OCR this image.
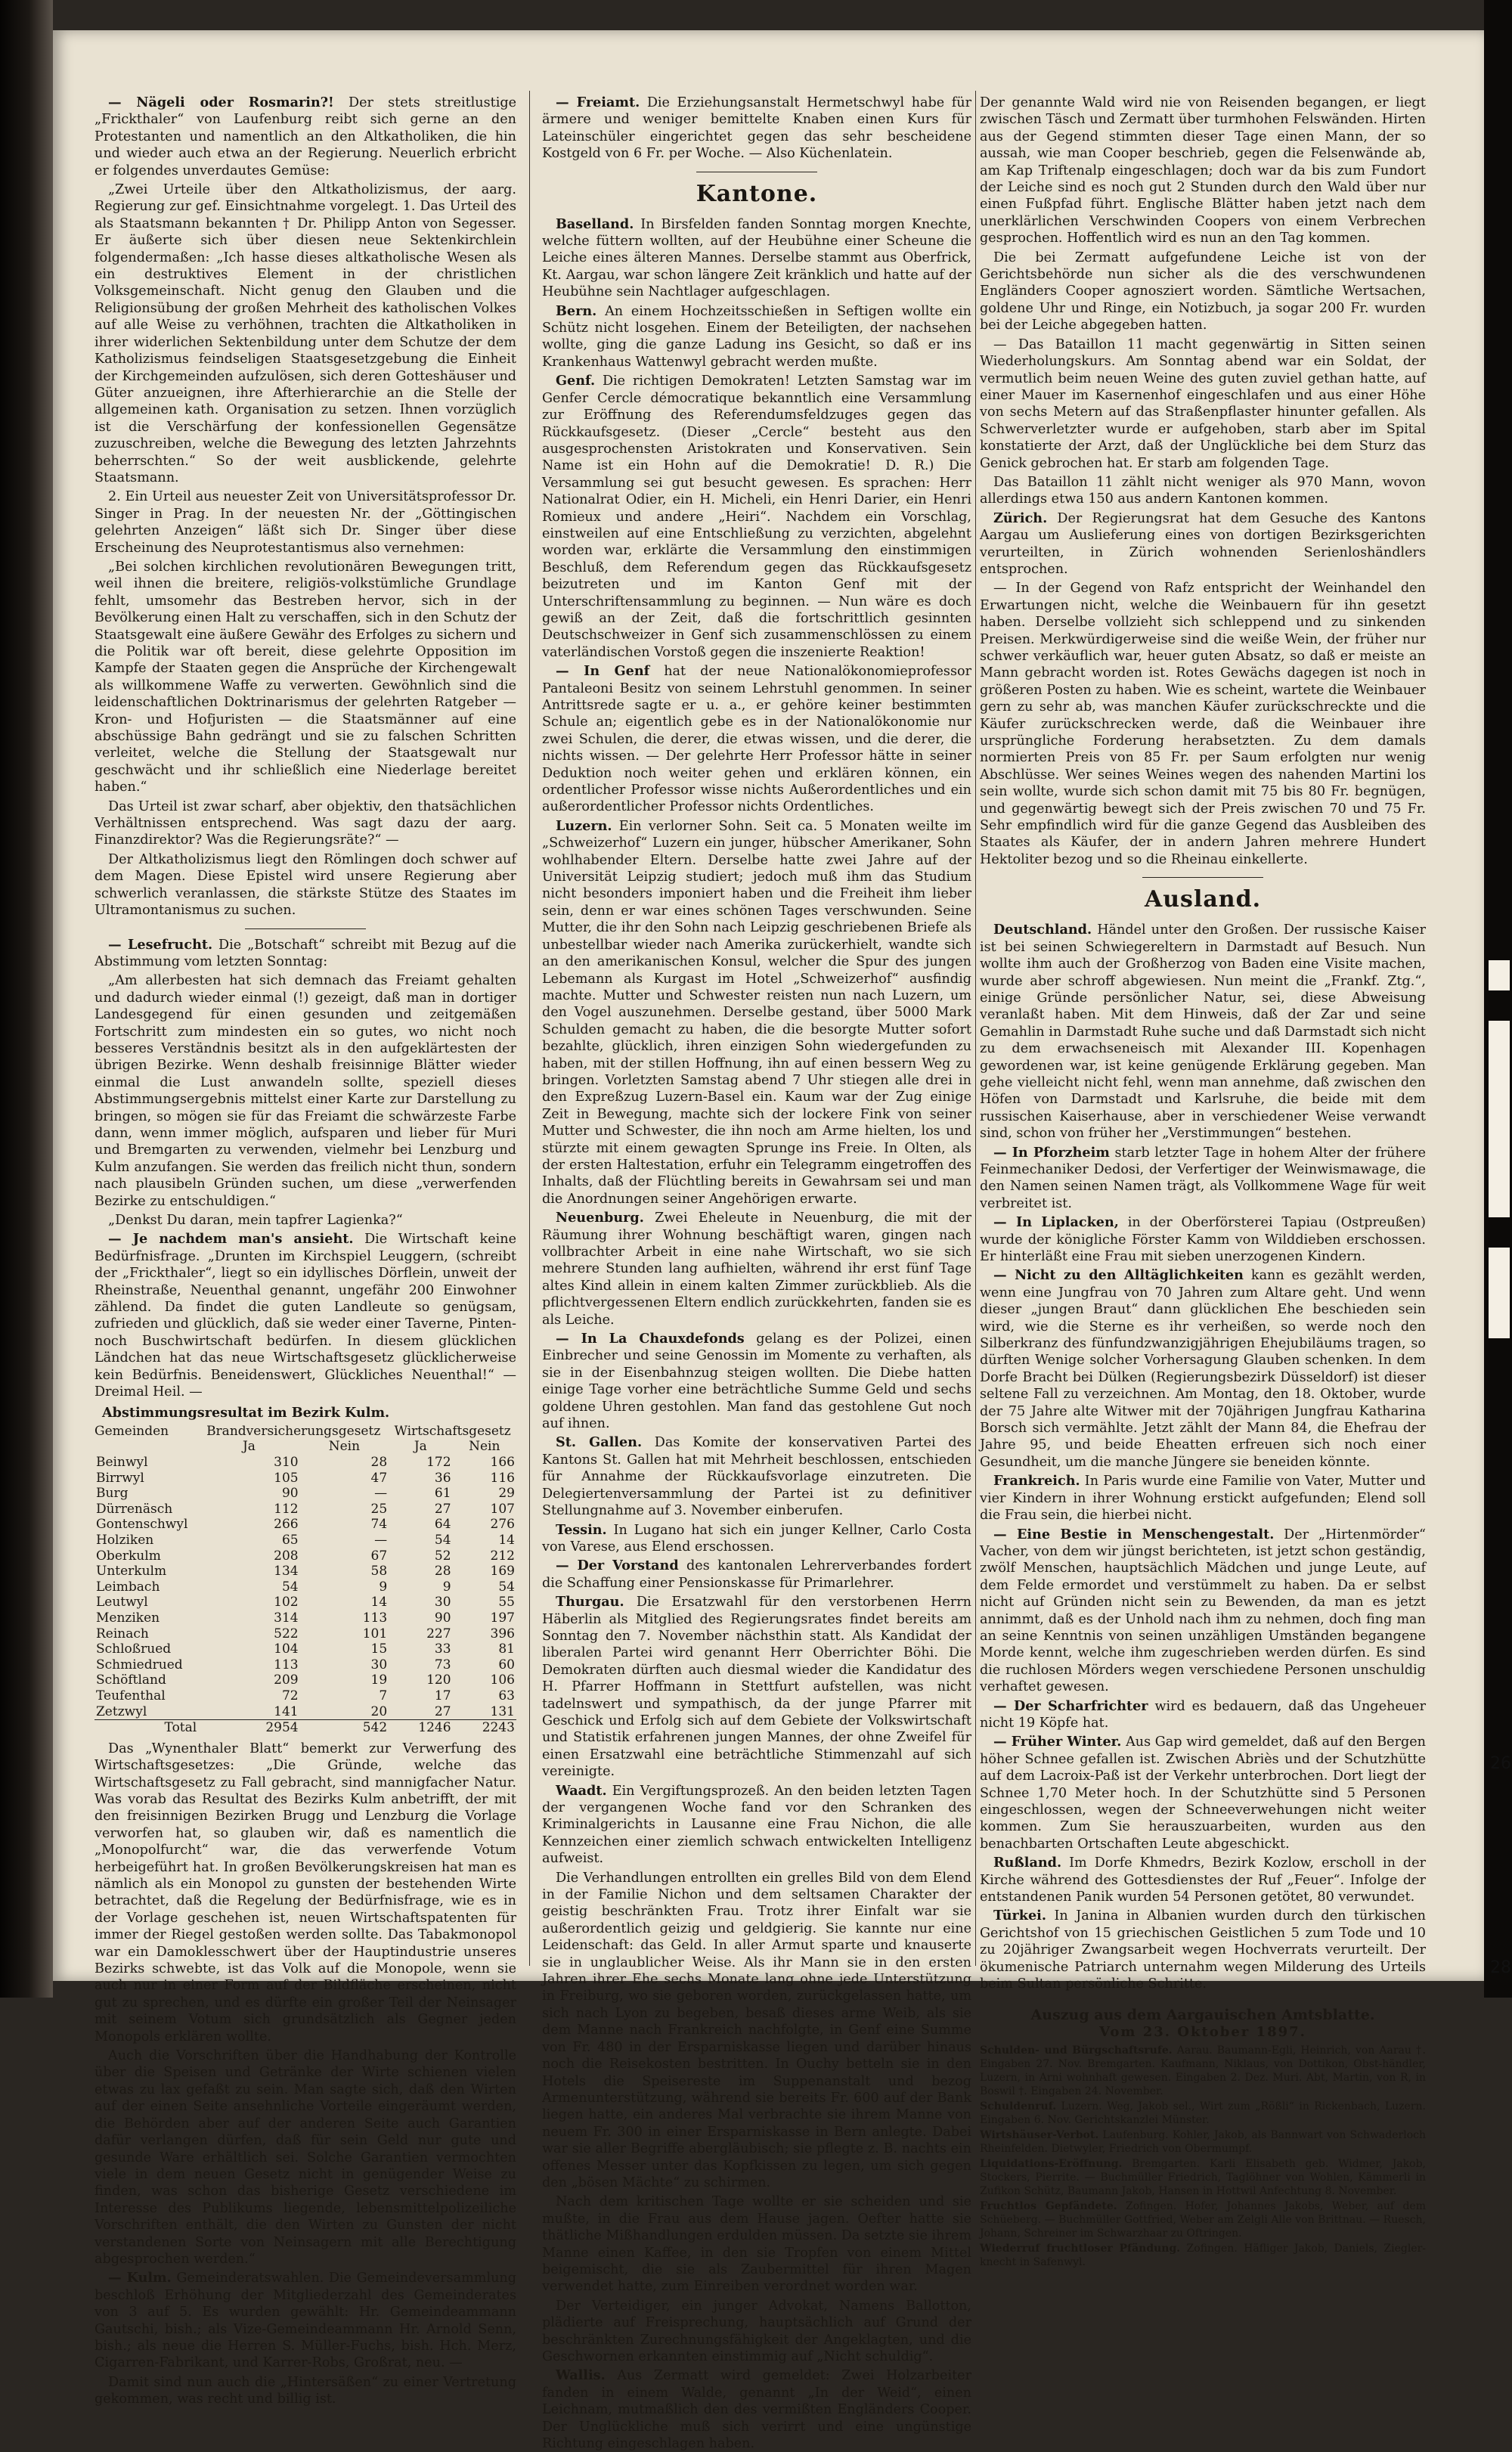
26
28

— Nägeli oder Rosmarin?! Der stets streitlustige „Frickthaler“ von Laufenburg reibt sich gerne an den Protestanten und namentlich an den Altkatholiken, die hin und wieder auch etwa an der Regierung. Neuerlich erbricht er folgendes unverdautes Gemüse:

„Zwei Urteile über den Altkatholizismus, der aarg. Regierung zur gef. Einsichtnahme vorgelegt. 1. Das Urteil des als Staatsmann bekannten † Dr. Philipp Anton von Segesser. Er äußerte sich über diesen neue Sektenkirchlein folgendermaßen: „Ich hasse dieses altkatholische Wesen als ein destruktives Element in der christlichen Volksgemeinschaft. Nicht genug den Glauben und die Religionsübung der großen Mehrheit des katholischen Volkes auf alle Weise zu verhöhnen, trachten die Altkatholiken in ihrer widerlichen Sektenbildung unter dem Schutze der dem Katholizismus feindseligen Staatsgesetzgebung die Einheit der Kirchgemeinden aufzulösen, sich deren Gotteshäuser und Güter anzueignen, ihre Afterhierarchie an die Stelle der allgemeinen kath. Organisation zu setzen. Ihnen vorzüglich ist die Verschärfung der konfessionellen Gegensätze zuzuschreiben, welche die Bewegung des letzten Jahrzehnts beherrschten.“ So der weit ausblickende, gelehrte Staatsmann.

2. Ein Urteil aus neuester Zeit von Universitätsprofessor Dr. Singer in Prag. In der neuesten Nr. der „Göttingischen gelehrten Anzeigen“ läßt sich Dr. Singer über diese Erscheinung des Neuprotestantismus also vernehmen:

„Bei solchen kirchlichen revolutionären Bewegungen tritt, weil ihnen die breitere, religiös-volkstümliche Grundlage fehlt, umsomehr das Bestreben hervor, sich in der Bevölkerung einen Halt zu verschaffen, sich in den Schutz der Staatsgewalt eine äußere Gewähr des Erfolges zu sichern und die Politik war oft bereit, diese gelehrte Opposition im Kampfe der Staaten gegen die Ansprüche der Kirchengewalt als willkommene Waffe zu verwerten. Gewöhnlich sind die leidenschaftlichen Doktrinarismus der gelehrten Ratgeber — Kron- und Hofjuristen — die Staatsmänner auf eine abschüssige Bahn gedrängt und sie zu falschen Schritten verleitet, welche die Stellung der Staatsgewalt nur geschwächt und ihr schließlich eine Niederlage bereitet haben.“

Das Urteil ist zwar scharf, aber objektiv, den thatsächlichen Verhältnissen entsprechend. Was sagt dazu der aarg. Finanzdirektor? Was die Regierungsräte?“ —

Der Altkatholizismus liegt den Römlingen doch schwer auf dem Magen. Diese Epistel wird unsere Regierung aber schwerlich veranlassen, die stärkste Stütze des Staates im Ultramontanismus zu suchen.

— Lesefrucht. Die „Botschaft“ schreibt mit Bezug auf die Abstimmung vom letzten Sonntag:

„Am allerbesten hat sich demnach das Freiamt gehalten und dadurch wieder einmal (!) gezeigt, daß man in dortiger Landesgegend für einen gesunden und zeitgemäßen Fortschritt zum mindesten ein so gutes, wo nicht noch besseres Verständnis besitzt als in den aufgeklärtesten der übrigen Bezirke. Wenn deshalb freisinnige Blätter wieder einmal die Lust anwandeln sollte, speziell dieses Abstimmungsergebnis mittelst einer Karte zur Darstellung zu bringen, so mögen sie für das Freiamt die schwärzeste Farbe dann, wenn immer möglich, aufsparen und lieber für Muri und Bremgarten zu verwenden, vielmehr bei Lenzburg und Kulm anzufangen. Sie werden das freilich nicht thun, sondern nach plausibeln Gründen suchen, um diese „verwerfenden Bezirke zu entschuldigen.“

„Denkst Du daran, mein tapfrer Lagienka?“

— Je nachdem man's ansieht. Die Wirtschaft keine Bedürfnisfrage. „Drunten im Kirchspiel Leuggern, (schreibt der „Frickthaler“, liegt so ein idyllisches Dörflein, unweit der Rheinstraße, Neuenthal genannt, ungefähr 200 Einwohner zählend. Da findet die guten Landleute so genügsam, zufrieden und glücklich, daß sie weder einer Taverne, Pinten- noch Buschwirtschaft bedürfen. In diesem glücklichen Ländchen hat das neue Wirtschaftsgesetz glücklicherweise kein Bedürfnis. Beneidenswert, Glückliches Neuenthal!“ — Dreimal Heil. —

Abstimmungsresultat im Bezirk Kulm.
Gemeinden	Brandversicherungsgesetz		Wirtschaftsgesetz	
	Ja	Nein	Ja	Nein
Beinwyl	310	28	172	166
Birrwyl	105	47	36	116
Burg	90	—	61	29
Dürrenäsch	112	25	27	107
Gontenschwyl	266	74	64	276
Holziken	65	—	54	14
Oberkulm	208	67	52	212
Unterkulm	134	58	28	169
Leimbach	54	9	9	54
Leutwyl	102	14	30	55
Menziken	314	113	90	197
Reinach	522	101	227	396
Schloßrued	104	15	33	81
Schmiedrued	113	30	73	60
Schöftland	209	19	120	106
Teufenthal	72	7	17	63
Zetzwyl	141	20	27	131
Total	2954	542	1246	2243

Das „Wynenthaler Blatt“ bemerkt zur Verwerfung des Wirtschaftsgesetzes: „Die Gründe, welche das Wirtschaftsgesetz zu Fall gebracht, sind mannigfacher Natur. Was vorab das Resultat des Bezirks Kulm anbetrifft, der mit den freisinnigen Bezirken Brugg und Lenzburg die Vorlage verworfen hat, so glauben wir, daß es namentlich die „Monopolfurcht“ war, die das verwerfende Votum herbeigeführt hat. In großen Bevölkerungskreisen hat man es nämlich als ein Monopol zu gunsten der bestehenden Wirte betrachtet, daß die Regelung der Bedürfnisfrage, wie es in der Vorlage geschehen ist, neuen Wirtschaftspatenten für immer der Riegel gestoßen werden sollte. Das Tabakmonopol war ein Damoklesschwert über der Hauptindustrie unseres Bezirks schwebte, ist das Volk auf die Monopole, wenn sie auch nur in einer Form auf der Bildfläche erscheinen, nicht gut zu sprechen, und es dürfte ein großer Teil der Neinsager mit seinem Votum sich grundsätzlich als Gegner jeden Monopols erklären wollte.

Auch die Vorschriften über die Handhabung der Kontrolle über die Speisen und Getränke der Wirte schienen vielen etwas zu lax gefaßt zu sein. Man sagte sich, daß den Wirten auf der einen Seite ansehnliche Vorteile eingeräumt werden, die Behörden aber auf der anderen Seite auch Garantien dafür verlangen dürfen, daß für sein Geld nur gute und gesunde Ware erhältlich sei. Solche Garantien vermochten viele in dem neuen Gesetz nicht in genügender Weise zu finden, was schon das bisherige Gesetz verschiedene im Interesse des Publikums liegende, lebensmittelpolizeiliche Vorschriften enthält, die den Wirten zu Gunsten der nicht verstandenen Sorte von Neinsagern mit alle Berechtigung abgesprochen werden.“

— Kulm. Gemeinderatswahlen. Die Gemeindeversammlung beschloß Erhöhung der Mitgliederzahl des Gemeinderates von 3 auf 5. Es wurden gewählt: Hr. Gemeindeammann Gautschi, bish.; als Vize-Gemeindeammann Hr. Arnold Senn, bish.; als neue die Herren S. Müller-Fuchs, bish. Hch. Merz, Cigarren-Fabrikant, und Karrer-Robs, Großrat, neu. —

Damit sind nun auch die „Hintersäßen“ zu einer Vertretung gekommen, was recht und billig ist.

— Freiamt. Die Erziehungsanstalt Hermetschwyl habe für ärmere und weniger bemittelte Knaben einen Kurs für Lateinschüler eingerichtet gegen das sehr bescheidene Kostgeld von 6 Fr. per Woche. — Also Küchenlatein.

Kantone.

Baselland. In Birsfelden fanden Sonntag morgen Knechte, welche füttern wollten, auf der Heubühne einer Scheune die Leiche eines älteren Mannes. Derselbe stammt aus Oberfrick, Kt. Aargau, war schon längere Zeit kränklich und hatte auf der Heubühne sein Nachtlager aufgeschlagen.

Bern. An einem Hochzeitsschießen in Seftigen wollte ein Schütz nicht losgehen. Einem der Beteiligten, der nachsehen wollte, ging die ganze Ladung ins Gesicht, so daß er ins Krankenhaus Wattenwyl gebracht werden mußte.

Genf. Die richtigen Demokraten! Letzten Samstag war im Genfer Cercle démocratique bekanntlich eine Versammlung zur Eröffnung des Referendumsfeldzuges gegen das Rückkaufsgesetz. (Dieser „Cercle“ besteht aus den ausgesprochensten Aristokraten und Konservativen. Sein Name ist ein Hohn auf die Demokratie! D. R.) Die Versammlung sei gut besucht gewesen. Es sprachen: Herr Nationalrat Odier, ein H. Micheli, ein Henri Darier, ein Henri Romieux und andere „Heiri“. Nachdem ein Vorschlag, einstweilen auf eine Entschließung zu verzichten, abgelehnt worden war, erklärte die Versammlung den einstimmigen Beschluß, dem Referendum gegen das Rückkaufsgesetz beizutreten und im Kanton Genf mit der Unterschriftensammlung zu beginnen. — Nun wäre es doch gewiß an der Zeit, daß die fortschrittlich gesinnten Deutschschweizer in Genf sich zusammenschlössen zu einem vaterländischen Vorstoß gegen die inszenierte Reaktion!

— In Genf hat der neue Nationalökonomieprofessor Pantaleoni Besitz von seinem Lehrstuhl genommen. In seiner Antrittsrede sagte er u. a., er gehöre keiner bestimmten Schule an; eigentlich gebe es in der Nationalökonomie nur zwei Schulen, die derer, die etwas wissen, und die derer, die nichts wissen. — Der gelehrte Herr Professor hätte in seiner Deduktion noch weiter gehen und erklären können, ein ordentlicher Professor wisse nichts Außerordentliches und ein außerordentlicher Professor nichts Ordentliches.

Luzern. Ein verlorner Sohn. Seit ca. 5 Monaten weilte im „Schweizerhof“ Luzern ein junger, hübscher Amerikaner, Sohn wohlhabender Eltern. Derselbe hatte zwei Jahre auf der Universität Leipzig studiert; jedoch muß ihm das Studium nicht besonders imponiert haben und die Freiheit ihm lieber sein, denn er war eines schönen Tages verschwunden. Seine Mutter, die ihr den Sohn nach Leipzig geschriebenen Briefe als unbestellbar wieder nach Amerika zurückerhielt, wandte sich an den amerikanischen Konsul, welcher die Spur des jungen Lebemann als Kurgast im Hotel „Schweizerhof“ ausfindig machte. Mutter und Schwester reisten nun nach Luzern, um den Vogel auszunehmen. Derselbe gestand, über 5000 Mark Schulden gemacht zu haben, die die besorgte Mutter sofort bezahlte, glücklich, ihren einzigen Sohn wiedergefunden zu haben, mit der stillen Hoffnung, ihn auf einen bessern Weg zu bringen. Vorletzten Samstag abend 7 Uhr stiegen alle drei in den Expreßzug Luzern-Basel ein. Kaum war der Zug einige Zeit in Bewegung, machte sich der lockere Fink von seiner Mutter und Schwester, die ihn noch am Arme hielten, los und stürzte mit einem gewagten Sprunge ins Freie. In Olten, als der ersten Haltestation, erfuhr ein Telegramm eingetroffen des Inhalts, daß der Flüchtling bereits in Gewahrsam sei und man die Anordnungen seiner Angehörigen erwarte.

Neuenburg. Zwei Eheleute in Neuenburg, die mit der Räumung ihrer Wohnung beschäftigt waren, gingen nach vollbrachter Arbeit in eine nahe Wirtschaft, wo sie sich mehrere Stunden lang aufhielten, während ihr erst fünf Tage altes Kind allein in einem kalten Zimmer zurückblieb. Als die pflichtvergessenen Eltern endlich zurückkehrten, fanden sie es als Leiche.

— In La Chauxdefonds gelang es der Polizei, einen Einbrecher und seine Genossin im Momente zu verhaften, als sie in der Eisenbahnzug steigen wollten. Die Diebe hatten einige Tage vorher eine beträchtliche Summe Geld und sechs goldene Uhren gestohlen. Man fand das gestohlene Gut noch auf ihnen.

St. Gallen. Das Komite der konservativen Partei des Kantons St. Gallen hat mit Mehrheit beschlossen, entschieden für Annahme der Rückkaufsvorlage einzutreten. Die Delegiertenversammlung der Partei ist zu definitiver Stellungnahme auf 3. November einberufen.

Tessin. In Lugano hat sich ein junger Kellner, Carlo Costa von Varese, aus Elend erschossen.

— Der Vorstand des kantonalen Lehrerverbandes fordert die Schaffung einer Pensionskasse für Primarlehrer.

Thurgau. Die Ersatzwahl für den verstorbenen Herrn Häberlin als Mitglied des Regierungsrates findet bereits am Sonntag den 7. November nächsthin statt. Als Kandidat der liberalen Partei wird genannt Herr Oberrichter Böhi. Die Demokraten dürften auch diesmal wieder die Kandidatur des H. Pfarrer Hoffmann in Stettfurt aufstellen, was nicht tadelnswert und sympathisch, da der junge Pfarrer mit Geschick und Erfolg sich auf dem Gebiete der Volkswirtschaft und Statistik erfahrenen jungen Mannes, der ohne Zweifel für einen Ersatzwahl eine beträchtliche Stimmenzahl auf sich vereinigte.

Waadt. Ein Vergiftungsprozeß. An den beiden letzten Tagen der vergangenen Woche fand vor den Schranken des Kriminalgerichts in Lausanne eine Frau Nichon, die alle Kennzeichen einer ziemlich schwach entwickelten Intelligenz aufweist.

Die Verhandlungen entrollten ein grelles Bild von dem Elend in der Familie Nichon und dem seltsamen Charakter der geistig beschränkten Frau. Trotz ihrer Einfalt war sie außerordentlich geizig und geldgierig. Sie kannte nur eine Leidenschaft: das Geld. In aller Armut sparte und knauserte sie in unglaublicher Weise. Als ihr Mann sie in den ersten Jahren ihrer Ehe sechs Monate lang ohne jede Unterstützung in Freiburg, wo sie geboren worden, zurückgelassen hatte, um sich nach Lyon zu begeben, besaß dieses arme Weib, als sie dem Manne nach Frankreich nachfolgte, in Genf eine Summe von Fr. 480 in der Ersparniskasse liegen und darüber hinaus noch die Reisekosten bestritten. In Ouchy betteln sie in den Hotels die Speisereste im Suppenanstalt und bezog Armenunterstützung, während sie bereits Fr. 600 auf der Bank liegen hatte, ein anderes Mal verbrachte sie ihrem Manne von neuem Fr. 300 in einer Ersparniskasse in Bern anlegte. Dabei war sie aller Begriffe abergläubisch; sie pflegte z. B. nachts ein offenes Messer unter das Kopfkissen zu legen, um sich gegen den „bösen Mächte“ zu schirmen.

Nach dem kritischen Tage wollte er sie scheiden und sie mußte, in die Frau aus dem Hause jagen. Oefter hatte sie thätliche Mißhandlungen erdulden müssen. Da setzte sie ihrem Manne einen Kaffee, in den sie Tropfen von einem Mittel beigemischt, die sie als Zaubermittel für ihren Magen verwendet hatte, zum Einreiben verordnet worden war.

Der Verteidiger, ein junger Advokat, Namens Ballotton, plädierte auf Freisprechung, hauptsächlich auf Grund der beschränkten Zurechnungsfähigkeit der Angeklagten, und die Geschwornen erkannten einstimmig auf „Nicht schuldig“.

Wallis. Aus Zermatt wird gemeldet: Zwei Holzarbeiter fanden in einem Walde, genannt „In der Weid“, einen Leichnam, mutmaßlich den des vermißten Engländers Cooper. Der Unglückliche muß sich verirrt und eine ungünstige Richtung eingeschlagen haben.

Der genannte Wald wird nie von Reisenden begangen, er liegt zwischen Täsch und Zermatt über turmhohen Felswänden. Hirten aus der Gegend stimmten dieser Tage einen Mann, der so aussah, wie man Cooper beschrieb, gegen die Felsenwände ab, am Kap Triftenalp eingeschlagen; doch war da bis zum Fundort der Leiche sind es noch gut 2 Stunden durch den Wald über nur einen Fußpfad führt. Englische Blätter haben jetzt nach dem unerklärlichen Verschwinden Coopers von einem Verbrechen gesprochen. Hoffentlich wird es nun an den Tag kommen.

Die bei Zermatt aufgefundene Leiche ist von der Gerichtsbehörde nun sicher als die des verschwundenen Engländers Cooper agnosziert worden. Sämtliche Wertsachen, goldene Uhr und Ringe, ein Notizbuch, ja sogar 200 Fr. wurden bei der Leiche abgegeben hatten.

— Das Bataillon 11 macht gegenwärtig in Sitten seinen Wiederholungskurs. Am Sonntag abend war ein Soldat, der vermutlich beim neuen Weine des guten zuviel gethan hatte, auf einer Mauer im Kasernenhof eingeschlafen und aus einer Höhe von sechs Metern auf das Straßenpflaster hinunter gefallen. Als Schwerverletzter wurde er aufgehoben, starb aber im Spital konstatierte der Arzt, daß der Unglückliche bei dem Sturz das Genick gebrochen hat. Er starb am folgenden Tage.

Das Bataillon 11 zählt nicht weniger als 970 Mann, wovon allerdings etwa 150 aus andern Kantonen kommen.

Zürich. Der Regierungsrat hat dem Gesuche des Kantons Aargau um Auslieferung eines von dortigen Bezirksgerichten verurteilten, in Zürich wohnenden Serienloshändlers entsprochen.

— In der Gegend von Rafz entspricht der Weinhandel den Erwartungen nicht, welche die Weinbauern für ihn gesetzt haben. Derselbe vollzieht sich schleppend und zu sinkenden Preisen. Merkwürdigerweise sind die weiße Wein, der früher nur schwer verkäuflich war, heuer guten Absatz, so daß er meiste an Mann gebracht worden ist. Rotes Gewächs dagegen ist noch in größeren Posten zu haben. Wie es scheint, wartete die Weinbauer gern zu sehr ab, was manchen Käufer zurückschreckte und die Käufer zurückschrecken werde, daß die Weinbauer ihre ursprüngliche Forderung herabsetzten. Zu dem damals normierten Preis von 85 Fr. per Saum erfolgten nur wenig Abschlüsse. Wer seines Weines wegen des nahenden Martini los sein wollte, wurde sich schon damit mit 75 bis 80 Fr. begnügen, und gegenwärtig bewegt sich der Preis zwischen 70 und 75 Fr. Sehr empfindlich wird für die ganze Gegend das Ausbleiben des Staates als Käufer, der in andern Jahren mehrere Hundert Hektoliter bezog und so die Rheinau einkellerte.

Ausland.

Deutschland. Händel unter den Großen. Der russische Kaiser ist bei seinen Schwiegereltern in Darmstadt auf Besuch. Nun wollte ihm auch der Großherzog von Baden eine Visite machen, wurde aber schroff abgewiesen. Nun meint die „Frankf. Ztg.“, einige Gründe persönlicher Natur, sei, diese Abweisung veranlaßt haben. Mit dem Hinweis, daß der Zar und seine Gemahlin in Darmstadt Ruhe suche und daß Darmstadt sich nicht zu dem erwachseneisch mit Alexander III. Kopenhagen gewordenen war, ist keine genügende Erklärung gegeben. Man gehe vielleicht nicht fehl, wenn man annehme, daß zwischen den Höfen von Darmstadt und Karlsruhe, die beide mit dem russischen Kaiserhause, aber in verschiedener Weise verwandt sind, schon von früher her „Verstimmungen“ bestehen.

— In Pforzheim starb letzter Tage in hohem Alter der frühere Feinmechaniker Dedosi, der Verfertiger der Weinwismawage, die den Namen seinen Namen trägt, als Vollkommene Wage für weit verbreitet ist.

— In Liplacken, in der Oberförsterei Tapiau (Ostpreußen) wurde der königliche Förster Kamm von Wilddieben erschossen. Er hinterläßt eine Frau mit sieben unerzogenen Kindern.

— Nicht zu den Alltäglichkeiten kann es gezählt werden, wenn eine Jungfrau von 70 Jahren zum Altare geht. Und wenn dieser „jungen Braut“ dann glücklichen Ehe beschieden sein wird, wie die Sterne es ihr verheißen, so werde noch den Silberkranz des fünfundzwanzigjährigen Ehejubiläums tragen, so dürften Wenige solcher Vorhersagung Glauben schenken. In dem Dorfe Bracht bei Dülken (Regierungsbezirk Düsseldorf) ist dieser seltene Fall zu verzeichnen. Am Montag, den 18. Oktober, wurde der 75 Jahre alte Witwer mit der 70jährigen Jungfrau Katharina Borsch sich vermählte. Jetzt zählt der Mann 84, die Ehefrau der Jahre 95, und beide Eheatten erfreuen sich noch einer Gesundheit, um die manche Jüngere sie beneiden könnte.

Frankreich. In Paris wurde eine Familie von Vater, Mutter und vier Kindern in ihrer Wohnung erstickt aufgefunden; Elend soll die Frau sein, die hierbei nicht.

— Eine Bestie in Menschengestalt. Der „Hirtenmörder“ Vacher, von dem wir jüngst berichteten, ist jetzt schon geständig, zwölf Menschen, hauptsächlich Mädchen und junge Leute, auf dem Felde ermordet und verstümmelt zu haben. Da er selbst nicht auf Gründen nicht sein zu Bewenden, da man es jetzt annimmt, daß es der Unhold nach ihm zu nehmen, doch fing man an seine Kenntnis von seinen unzähligen Umständen begangene Morde kennt, welche ihm zugeschrieben werden dürfen. Es sind die ruchlosen Mörders wegen verschiedene Personen unschuldig verhaftet gewesen.

— Der Scharfrichter wird es bedauern, daß das Ungeheuer nicht 19 Köpfe hat.

— Früher Winter. Aus Gap wird gemeldet, daß auf den Bergen höher Schnee gefallen ist. Zwischen Abriès und der Schutzhütte auf dem Lacroix-Paß ist der Verkehr unterbrochen. Dort liegt der Schnee 1,70 Meter hoch. In der Schutzhütte sind 5 Personen eingeschlossen, wegen der Schneeverwehungen nicht weiter kommen. Zum Sie herauszuarbeiten, wurden aus den benachbarten Ortschaften Leute abgeschickt.

Rußland. Im Dorfe Khmedrs, Bezirk Kozlow, erscholl in der Kirche während des Gottesdienstes der Ruf „Feuer“. Infolge der entstandenen Panik wurden 54 Personen getötet, 80 verwundet.

Türkei. In Janina in Albanien wurden durch den türkischen Gerichtshof von 15 griechischen Geistlichen 5 zum Tode und 10 zu 20jähriger Zwangsarbeit wegen Hochverrats verurteilt. Der ökumenische Patriarch unternahm wegen Milderung des Urteils beim Sultan persönliche Schritte.

Auszug aus dem Aargauischen Amtsblatte.
Vom 23. Oktober 1897.

Schulden- und Bürgschaftsrufe. Aarau. Baumann-Egli, Heinrich, von Aarau †. Eingaben 27. Nov. Bremgarten. Kaufmann, Niklaus, von Dottikon, Obst-händler, Luzern, in Arni wohnhaft gewesen. Eingaben 2. Dez. Muri. Abt, Martin, von R, in Boswil †. Eingaben 24. November.

Schuldenruf. Luzern. Weg, Jakob sel., Wirt zum „Rößli“ in Rickenbach, Luzern. Eingaben 6. Nov. Gerichtskanzlei Münster.

Wirtshäuser-Verbot. Laufenburg. Kohler, Jakob, als Bannwart von Schwaderloch Rheinfelden. Dietwyler, Friedrich von Obermumpf.

Liquidations-Eröffnung. Bremgarten. Karli Elisabeth geb. Widmer, Jakob, Stockers, Pierrite. — Buchmüller Friedrich, Taglöhner von Wohlen, Kämmerli in Zufikon Schütz, Baumann Jakob, Hansen in Hottwil Anfechtung 8. November.

Fruchtlos Gepfändete. Zofingen. Hofer, Johannes Jakobs, Weber, auf dem Schüeberg. — Buchmüller Gottfried, Weber am Zelgli Alle von Brittnau. — Ruesch, Johann, Schreiner im Schwarzhaar zu Oftringen.

Wiederruf fruchtloser Pfändung. Zofingen. Häfliger Jakob, Daniels, Ziegler-knecht in Safenwyl.
